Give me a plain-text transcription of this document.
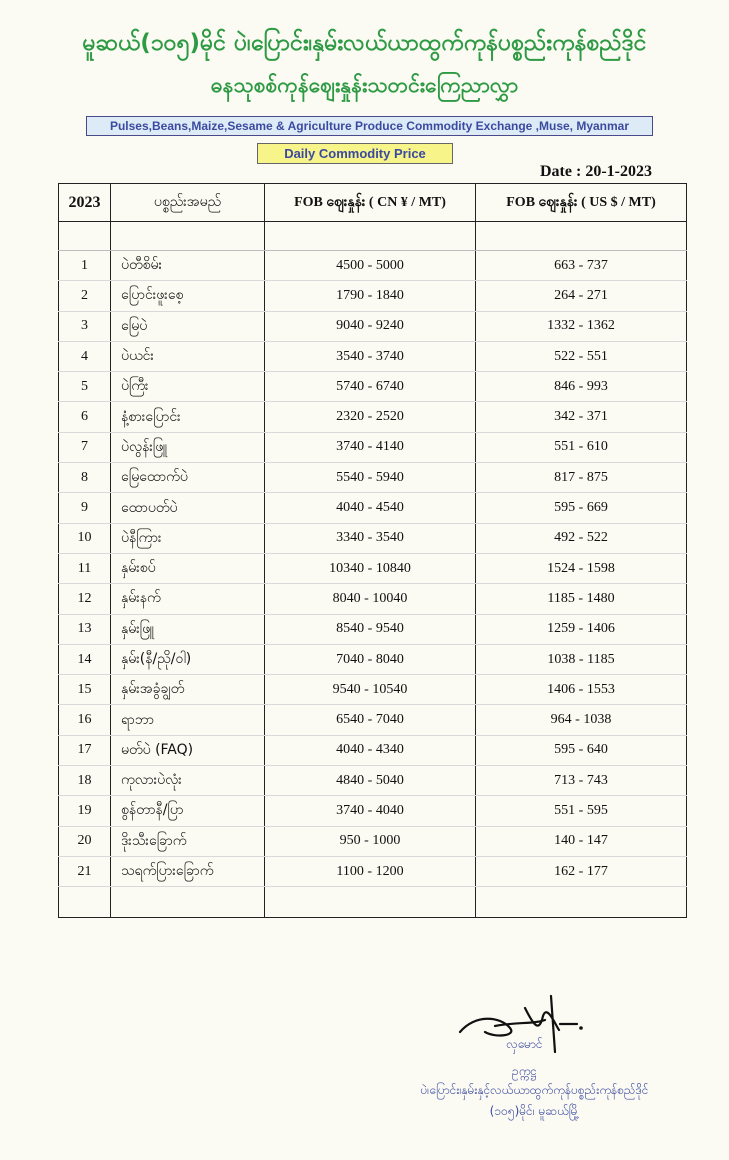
မူဆယ်(၁၀၅)မိုင် ပဲ၊ပြောင်း၊နှမ်းလယ်ယာထွက်ကုန်ပစ္စည်းကုန်စည်ဒိုင်
ဓနသုစစ်ကုန်ဈေးနှုန်းသတင်းကြေညာလွှာ
Pulses,Beans,Maize,Sesame & Agriculture Produce Commodity Exchange ,Muse, Myanmar
Daily Commodity Price
Date : 20-1-2023
2023	ပစ္စည်းအမည်	FOB ဈေးနှုန်း ( CN ¥ / MT)	FOB ဈေးနှုန်း ( US $ / MT)

1	ပဲတီစိမ်း	4500 - 5000	663 - 737
2	ပြောင်းဖူးစေ့	1790 - 1840	264 - 271
3	မြေပဲ	9040 - 9240	1332 - 1362
4	ပဲယင်း	3540 - 3740	522 - 551
5	ပဲကြီး	5740 - 6740	846 - 993
6	နံ့စားပြောင်း	2320 - 2520	342 - 371
7	ပဲလွန်းဖြူ	3740 - 4140	551 - 610
8	မြေထောက်ပဲ	5540 - 5940	817 - 875
9	ထောပတ်ပဲ	4040 - 4540	595 - 669
10	ပဲနီကြား	3340 - 3540	492 - 522
11	နှမ်းစပ်	10340 - 10840	1524 - 1598
12	နှမ်းနက်	8040 - 10040	1185 - 1480
13	နှမ်းဖြူ	8540 - 9540	1259 - 1406
14	နှမ်း(နီ/ညို/ဝါ)	7040 - 8040	1038 - 1185
15	နှမ်းအခွံချွတ်	9540 - 10540	1406 - 1553
16	ရာဘာ	6540 - 7040	964 - 1038
17	မတ်ပဲ (FAQ)	4040 - 4340	595 - 640
18	ကုလားပဲလုံး	4840 - 5040	713 - 743
19	စွန်တာနီ/ပြာ	3740 - 4040	551 - 595
20	ဒိုးသီးခြောက်	950 - 1000	140 - 147
21	သရက်ပြားခြောက်	1100 - 1200	162 - 177

လှမောင်
ဥက္ကဋ္ဌ
ပဲ၊ပြောင်း၊နှမ်းနှင့်လယ်ယာထွက်ကုန်ပစ္စည်းကုန်စည်ဒိုင်
(၁၀၅)မိုင်၊ မူဆယ်မြို့
